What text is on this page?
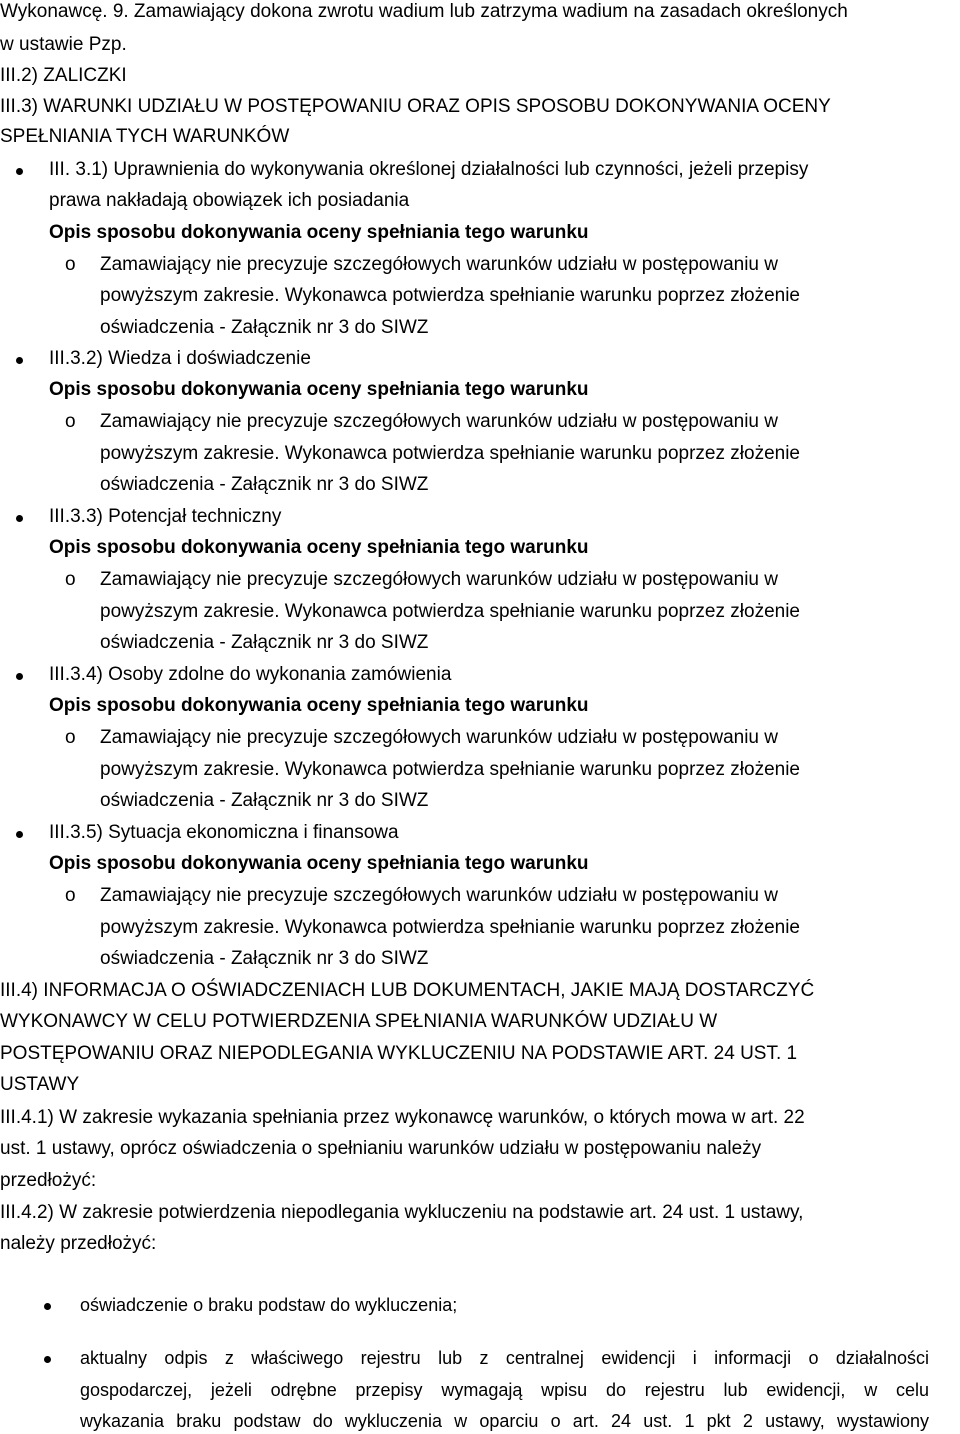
Wykonawcę. 9. Zamawiający dokona zwrotu wadium lub zatrzyma wadium na zasadach określonych
w ustawie Pzp.
III.2) ZALICZKI
III.3) WARUNKI UDZIAŁU W POSTĘPOWANIU ORAZ OPIS SPOSOBU DOKONYWANIA OCENY
SPEŁNIANIA TYCH WARUNKÓW
III. 3.1) Uprawnienia do wykonywania określonej działalności lub czynności, jeżeli przepisy
prawa nakładają obowiązek ich posiadania
Opis sposobu dokonywania oceny spełniania tego warunku
o Zamawiający nie precyzuje szczegółowych warunków udziału w postępowaniu w
powyższym zakresie. Wykonawca potwierdza spełnianie warunku poprzez złożenie
oświadczenia - Załącznik nr 3 do SIWZ
III.3.2) Wiedza i doświadczenie
Opis sposobu dokonywania oceny spełniania tego warunku
o Zamawiający nie precyzuje szczegółowych warunków udziału w postępowaniu w
powyższym zakresie. Wykonawca potwierdza spełnianie warunku poprzez złożenie
oświadczenia - Załącznik nr 3 do SIWZ
III.3.3) Potencjał techniczny
Opis sposobu dokonywania oceny spełniania tego warunku
o Zamawiający nie precyzuje szczegółowych warunków udziału w postępowaniu w
powyższym zakresie. Wykonawca potwierdza spełnianie warunku poprzez złożenie
oświadczenia - Załącznik nr 3 do SIWZ
III.3.4) Osoby zdolne do wykonania zamówienia
Opis sposobu dokonywania oceny spełniania tego warunku
o Zamawiający nie precyzuje szczegółowych warunków udziału w postępowaniu w
powyższym zakresie. Wykonawca potwierdza spełnianie warunku poprzez złożenie
oświadczenia - Załącznik nr 3 do SIWZ
III.3.5) Sytuacja ekonomiczna i finansowa
Opis sposobu dokonywania oceny spełniania tego warunku
o Zamawiający nie precyzuje szczegółowych warunków udziału w postępowaniu w
powyższym zakresie. Wykonawca potwierdza spełnianie warunku poprzez złożenie
oświadczenia - Załącznik nr 3 do SIWZ
III.4) INFORMACJA O OŚWIADCZENIACH LUB DOKUMENTACH, JAKIE MAJĄ DOSTARCZYĆ
WYKONAWCY W CELU POTWIERDZENIA SPEŁNIANIA WARUNKÓW UDZIAŁU W
POSTĘPOWANIU ORAZ NIEPODLEGANIA WYKLUCZENIU NA PODSTAWIE ART. 24 UST. 1
USTAWY
III.4.1) W zakresie wykazania spełniania przez wykonawcę warunków, o których mowa w art. 22
ust. 1 ustawy, oprócz oświadczenia o spełnianiu warunków udziału w postępowaniu należy
przedłożyć:
III.4.2) W zakresie potwierdzenia niepodlegania wykluczeniu na podstawie art. 24 ust. 1 ustawy,
należy przedłożyć:
oświadczenie o braku podstaw do wykluczenia;
aktualny odpis z właściwego rejestru lub z centralnej ewidencji i informacji o działalności
gospodarczej, jeżeli odrębne przepisy wymagają wpisu do rejestru lub ewidencji, w celu
wykazania braku podstaw do wykluczenia w oparciu o art. 24 ust. 1 pkt 2 ustawy, wystawiony
